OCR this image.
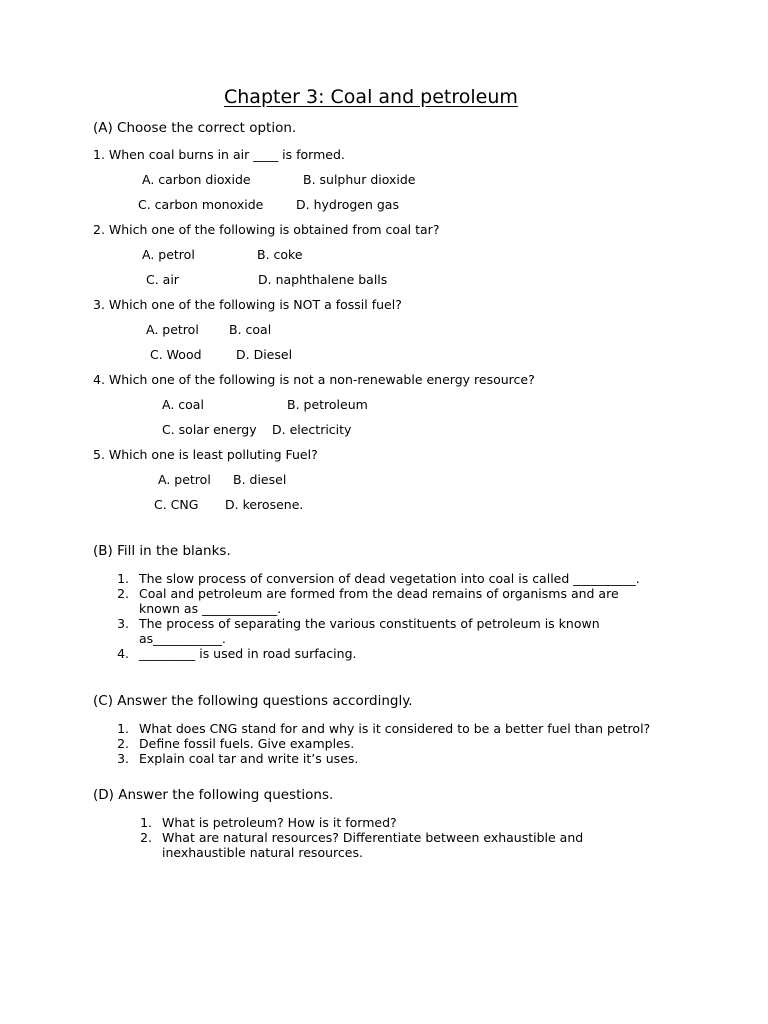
Chapter 3: Coal and petroleum
(A) Choose the correct option.
1. When coal burns in air ____ is formed.
A. carbon dioxide	B. sulphur dioxide
C. carbon monoxide	D. hydrogen gas
2. Which one of the following is obtained from coal tar?
A. petrol	B. coke
C. air	D. naphthalene balls
3. Which one of the following is NOT a fossil fuel?
A. petrol B. coal
C. Wood	D. Diesel
4. Which one of the following is not a non-renewable energy resource?
A. coal	B. petroleum
C. solar energy D. electricity
5. Which one is least polluting Fuel?
A. petrol B. diesel
C. CNG D. kerosene.
(B) Fill in the blanks.
1. The slow process of conversion of dead vegetation into coal is called __________.
2. Coal and petroleum are formed from the dead remains of organisms and are known as ____________.
3. The process of separating the various constituents of petroleum is known as___________.
4. _________ is used in road surfacing.
(C) Answer the following questions accordingly.
1. What does CNG stand for and why is it considered to be a better fuel than petrol?
2. Define fossil fuels. Give examples.
3. Explain coal tar and write it’s uses.
(D) Answer the following questions.
1. What is petroleum? How is it formed?
2. What are natural resources? Differentiate between exhaustible and inexhaustible natural resources.
